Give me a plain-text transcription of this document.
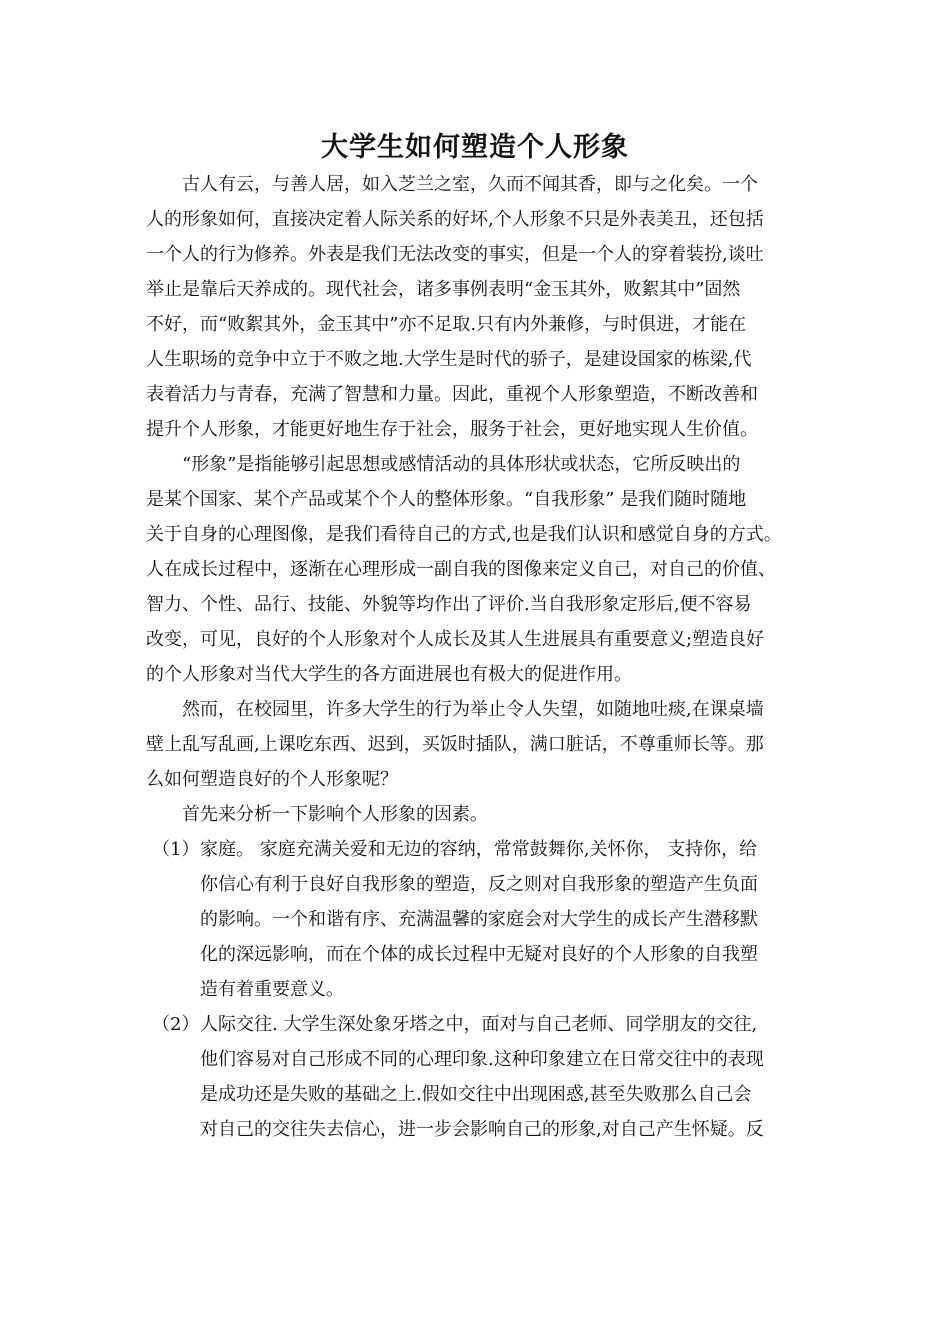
大学生如何塑造个人形象

古人有云，与善人居，如入芝兰之室，久而不闻其香，即与之化矣。一个

人的形象如何，直接决定着人际关系的好坏,个人形象不只是外表美丑，还包括

一个人的行为修养。外表是我们无法改变的事实，但是一个人的穿着装扮,谈吐

举止是靠后天养成的。现代社会，诸多事例表明“金玉其外，败絮其中”固然

不好，而“败絮其外，金玉其中”亦不足取.只有内外兼修，与时俱进，才能在

人生职场的竞争中立于不败之地.大学生是时代的骄子，是建设国家的栋梁,代

表着活力与青春，充满了智慧和力量。因此，重视个人形象塑造，不断改善和

提升个人形象，才能更好地生存于社会，服务于社会，更好地实现人生价值。

“形象”是指能够引起思想或感情活动的具体形状或状态，它所反映出的

是某个国家、某个产品或某个个人的整体形象。“自我形象” 是我们随时随地

关于自身的心理图像，是我们看待自己的方式,也是我们认识和感觉自身的方式。

人在成长过程中，逐渐在心理形成一副自我的图像来定义自己，对自己的价值、

智力、个性、品行、技能、外貌等均作出了评价.当自我形象定形后,便不容易

改变，可见，良好的个人形象对个人成长及其人生进展具有重要意义;塑造良好

的个人形象对当代大学生的各方面进展也有极大的促进作用。

然而，在校园里，许多大学生的行为举止令人失望，如随地吐痰,在课桌墙

壁上乱写乱画,上课吃东西、迟到，买饭时插队，满口脏话，不尊重师长等。那

么如何塑造良好的个人形象呢？

首先来分析一下影响个人形象的因素。

（1） 家庭。 家庭充满关爱和无边的容纳，常常鼓舞你,关怀你， 支持你，给

你信心有利于良好自我形象的塑造，反之则对自我形象的塑造产生负面

的影响。一个和谐有序、充满温馨的家庭会对大学生的成长产生潜移默

化的深远影响，而在个体的成长过程中无疑对良好的个人形象的自我塑

造有着重要意义。

（2） 人际交往. 大学生深处象牙塔之中，面对与自己老师、同学朋友的交往,

他们容易对自己形成不同的心理印象.这种印象建立在日常交往中的表现

是成功还是失败的基础之上.假如交往中出现困惑,甚至失败那么自己会

对自己的交往失去信心，进一步会影响自己的形象,对自己产生怀疑。反
